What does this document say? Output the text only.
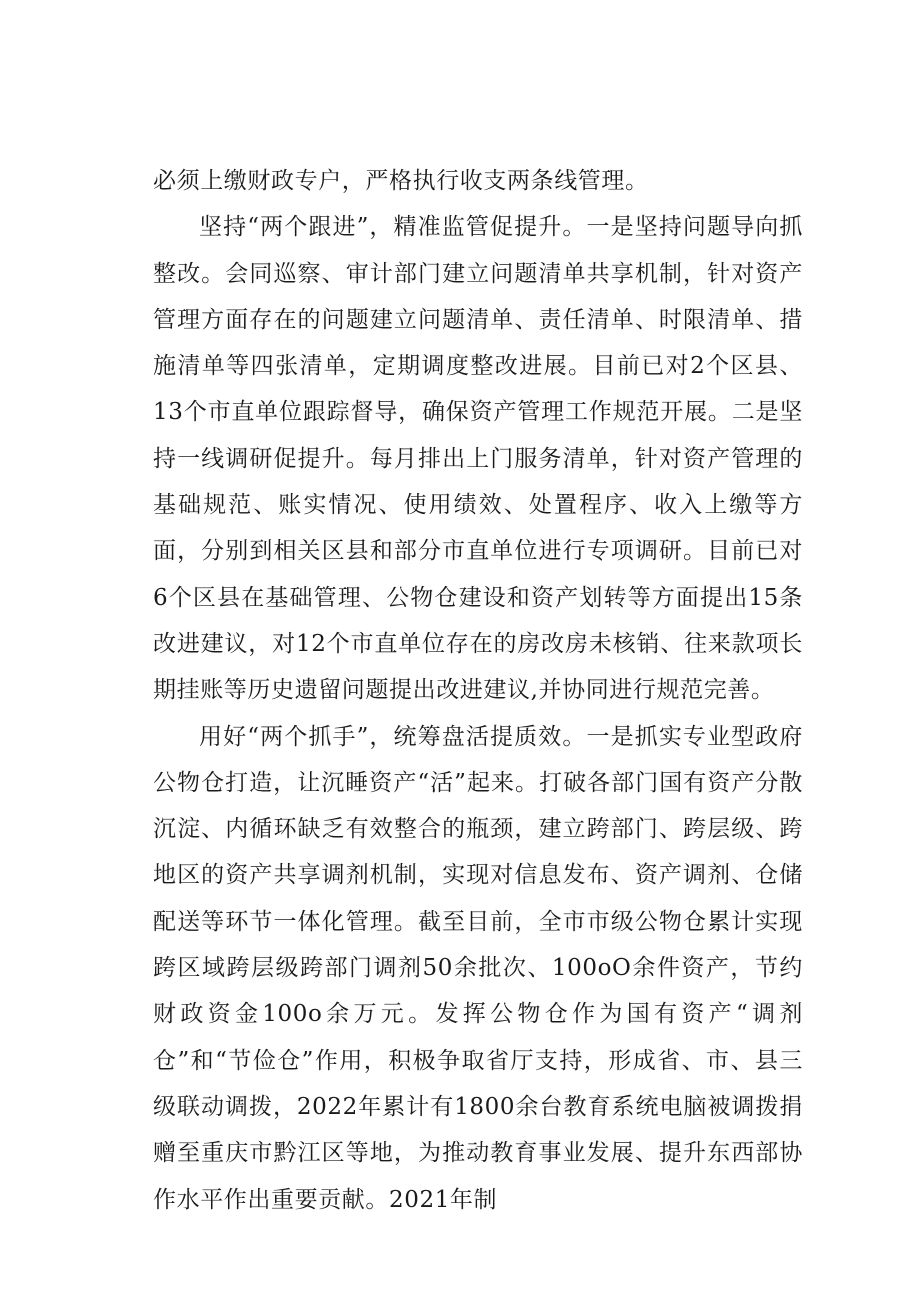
必须上缴财政专户，严格执行收支两条线管理。

坚持“两个跟进”，精准监管促提升。一是坚持问题导向抓整改。会同巡察、审计部门建立问题清单共享机制，针对资产管理方面存在的问题建立问题清单、责任清单、时限清单、措施清单等四张清单，定期调度整改进展。目前已对2个区县、13个市直单位跟踪督导，确保资产管理工作规范开展。二是坚持一线调研促提升。每月排出上门服务清单，针对资产管理的基础规范、账实情况、使用绩效、处置程序、收入上缴等方面，分别到相关区县和部分市直单位进行专项调研。目前已对6个区县在基础管理、公物仓建设和资产划转等方面提出15条改进建议，对12个市直单位存在的房改房未核销、往来款项长期挂账等历史遗留问题提出改进建议,并协同进行规范完善。

用好“两个抓手”，统筹盘活提质效。一是抓实专业型政府公物仓打造，让沉睡资产“活”起来。打破各部门国有资产分散沉淀、内循环缺乏有效整合的瓶颈，建立跨部门、跨层级、跨地区的资产共享调剂机制，实现对信息发布、资产调剂、仓储配送等环节一体化管理。截至目前，全市市级公物仓累计实现跨区域跨层级跨部门调剂50余批次、100oO余件资产，节约财政资金100o余万元。发挥公物仓作为国有资产“调剂仓”和“节俭仓”作用，积极争取省厅支持，形成省、市、县三级联动调拨，2022年累计有1800余台教育系统电脑被调拨捐赠至重庆市黔江区等地，为推动教育事业发展、提升东西部协作水平作出重要贡献。2021年制
